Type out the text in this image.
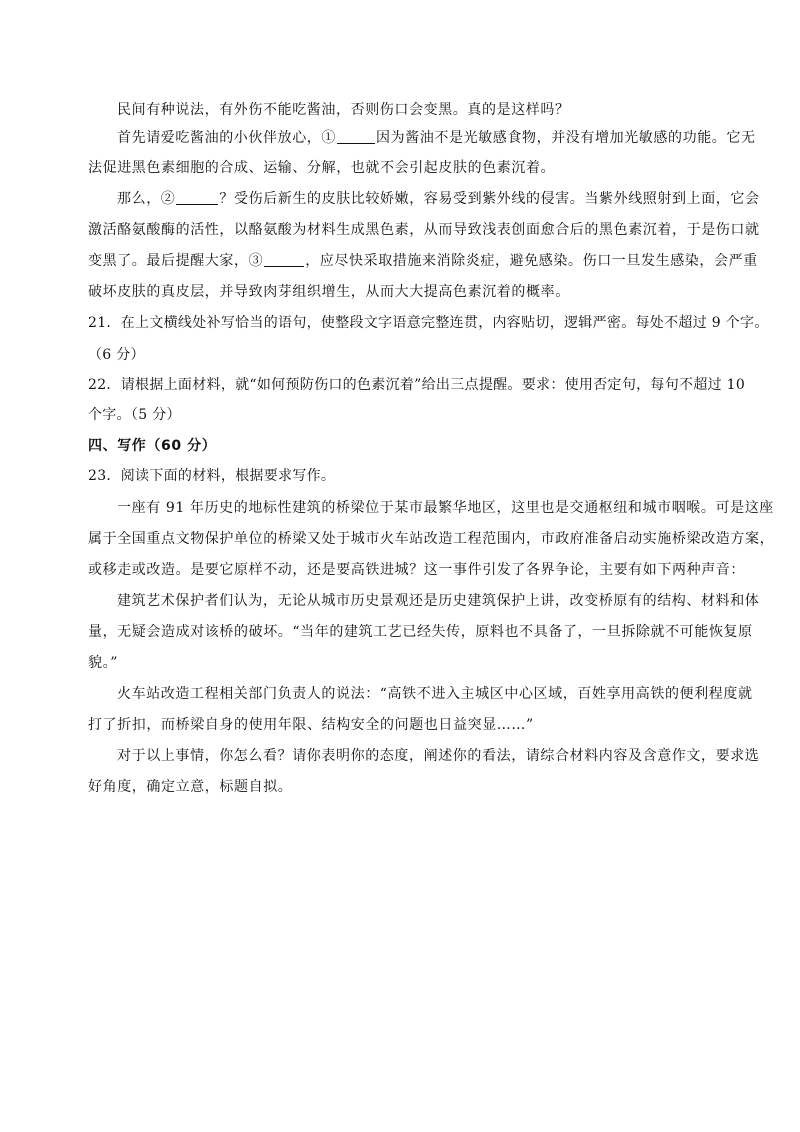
民间有种说法，有外伤不能吃酱油，否则伤口会变黑。真的是这样吗？
首先请爱吃酱油的小伙伴放心，①	因为酱油不是光敏感食物，并没有增加光敏感的功能。它无
法促进黑色素细胞的合成、运输、分解，也就不会引起皮肤的色素沉着。
那么，②	？受伤后新生的皮肤比较娇嫩，容易受到紫外线的侵害。当紫外线照射到上面，它会
激活酪氨酸酶的活性，以酪氨酸为材料生成黑色素，从而导致浅表创面愈合后的黑色素沉着，于是伤口就
变黑了。最后提醒大家，③	，应尽快采取措施来消除炎症，避免感染。伤口一旦发生感染，会严重
破坏皮肤的真皮层，并导致肉芽组织增生，从而大大提高色素沉着的概率。
21．在上文横线处补写恰当的语句，使整段文字语意完整连贯，内容贴切，逻辑严密。每处不超过 9 个字。
（6 分）
22．请根据上面材料，就“如何预防伤口的色素沉着”给出三点提醒。要求：使用否定句，每句不超过 10
个字。（5 分）
四、写作（60 分）
23．阅读下面的材料，根据要求写作。
一座有 91 年历史的地标性建筑的桥梁位于某市最繁华地区，这里也是交通枢纽和城市咽喉。可是这座
属于全国重点文物保护单位的桥梁又处于城市火车站改造工程范围内，市政府准备启动实施桥梁改造方案，
或移走或改造。是要它原样不动，还是要高铁进城？这一事件引发了各界争论，主要有如下两种声音：
建筑艺术保护者们认为，无论从城市历史景观还是历史建筑保护上讲，改变桥原有的结构、材料和体
量，无疑会造成对该桥的破坏。“当年的建筑工艺已经失传，原料也不具备了，一旦拆除就不可能恢复原
貌。”
火车站改造工程相关部门负责人的说法：“高铁不进入主城区中心区域，百姓享用高铁的便利程度就
打了折扣，而桥梁自身的使用年限、结构安全的问题也日益突显……”
对于以上事情，你怎么看？请你表明你的态度，阐述你的看法，请综合材料内容及含意作文，要求选
好角度，确定立意，标题自拟。
